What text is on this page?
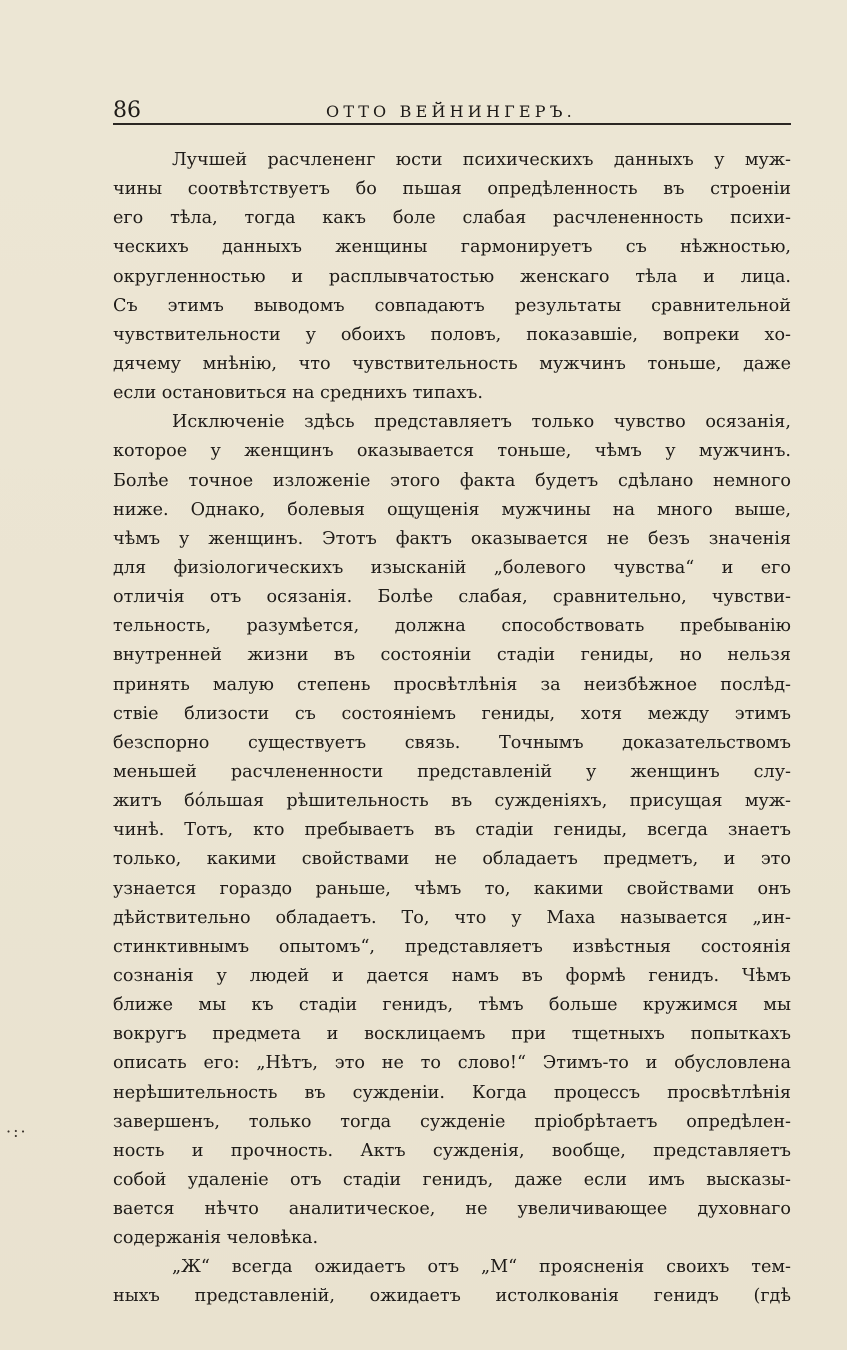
86	ОТТО ВЕЙНИНГЕРЪ.
Лучшей расчлененг юсти психическихъ данныхъ у муж-
чины соотвѣтствуетъ бо пьшая опредѣленность въ строеніи
его тѣла, тогда какъ боле слабая расчлененность психи-
ческихъ данныхъ женщины гармонируетъ съ нѣжностью,
округленностью и расплывчатостью женскаго тѣла и лица.
Съ этимъ выводомъ совпадаютъ результаты сравнительной
чувствительности у обоихъ половъ, показавшіе, вопреки хо-
дячему мнѣнію, что чувствительность мужчинъ тоньше, даже
если остановиться на среднихъ типахъ.
Исключеніе здѣсь представляетъ только чувство осязанія,
которое у женщинъ оказывается тоньше, чѣмъ у мужчинъ.
Болѣе точное изложеніе этого факта будетъ сдѣлано немного
ниже. Однако, болевыя ощущенія мужчины на много выше,
чѣмъ у женщинъ. Этотъ фактъ оказывается не безъ значенія
для физіологическихъ изысканій „болевого чувства“ и его
отличія отъ осязанія. Болѣе слабая, сравнительно, чувстви-
тельность, разумѣется, должна способствовать пребыванію
внутренней жизни въ состояніи стадіи гениды, но нельзя
принять малую степень просвѣтлѣнія за неизбѣжное послѣд-
ствіе близости съ состояніемъ гениды, хотя между этимъ
безспорно существуетъ связь. Точнымъ доказательствомъ
меньшей расчлененности представленій у женщинъ слу-
житъ бо́льшая рѣшительность въ сужденіяхъ, присущая муж-
чинѣ. Тотъ, кто пребываетъ въ стадіи гениды, всегда знаетъ
только, какими свойствами не обладаетъ предметъ, и это
узнается гораздо раньше, чѣмъ то, какими свойствами онъ
дѣйствительно обладаетъ. То, что у Маха называется „ин-
стинктивнымъ опытомъ“, представляетъ извѣстныя состоянія
сознанія у людей и дается намъ въ формѣ генидъ. Чѣмъ
ближе мы къ стадіи генидъ, тѣмъ больше кружимся мы
вокругъ предмета и восклицаемъ при тщетныхъ попыткахъ
описать его: „Нѣтъ, это не то слово!“ Этимъ-то и обусловлена
нерѣшительность въ сужденіи. Когда процессъ просвѣтлѣнія
завершенъ, только тогда сужденіе пріобрѣтаетъ опредѣлен-
ность и прочность. Актъ сужденія, вообще, представляетъ
собой удаленіе отъ стадіи генидъ, даже если имъ высказы-
вается нѣчто аналитическое, не увеличивающее духовнаго
содержанія человѣка.
„Ж“ всегда ожидаетъ отъ „М“ проясненія своихъ тем-
ныхъ представленій, ожидаетъ истолкованія генидъ (гдѣ
·:·
